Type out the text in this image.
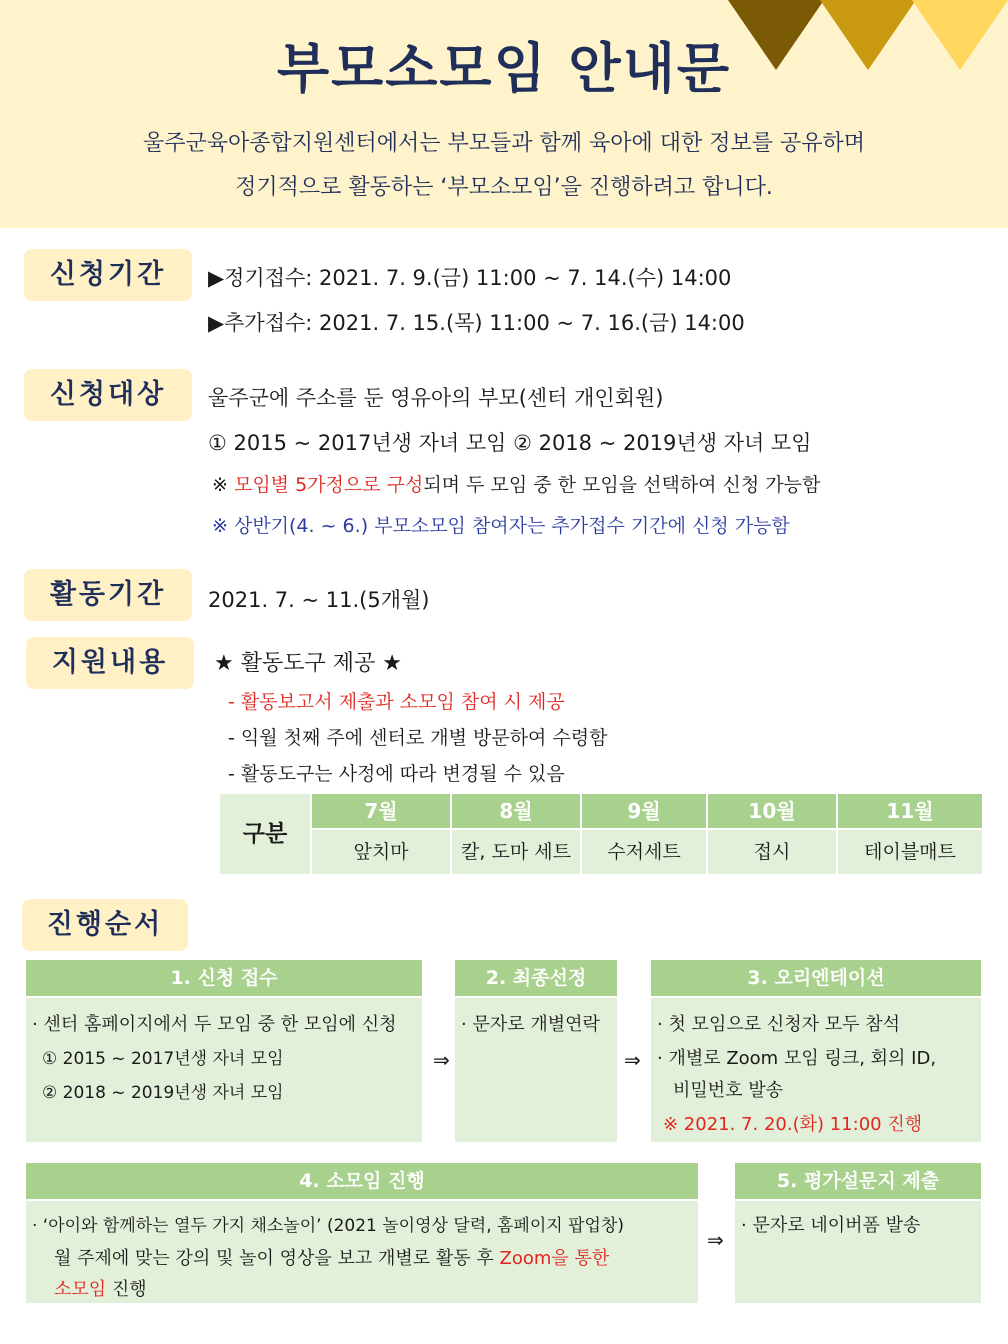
부모소모임 안내문
울주군육아종합지원센터에서는 부모들과 함께 육아에 대한 정보를 공유하며
정기적으로 활동하는 ‘부모소모임’을 진행하려고 합니다.
신청기간	▶정기접수: 2021. 7. 9.(금) 11:00 ~ 7. 14.(수) 14:00
▶추가접수: 2021. 7. 15.(목) 11:00 ~ 7. 16.(금) 14:00
신청대상	울주군에 주소를 둔 영유아의 부모(센터 개인회원)
① 2015 ~ 2017년생 자녀 모임 ② 2018 ~ 2019년생 자녀 모임
※ 모임별 5가정으로 구성되며 두 모임 중 한 모임을 선택하여 신청 가능함
※ 상반기(4. ~ 6.) 부모소모임 참여자는 추가접수 기간에 신청 가능함
활동기간	2021. 7. ~ 11.(5개월)
지원내용	★ 활동도구 제공 ★
- 활동보고서 제출과 소모임 참여 시 제공
- 익월 첫째 주에 센터로 개별 방문하여 수령함
- 활동도구는 사정에 따라 변경될 수 있음
구분
7월	8월	9월	10월	11월
앞치마	칼, 도마 세트	수저세트	접시	테이블매트
진행순서
1. 신청 접수
· 센터 홈페이지에서 두 모임 중 한 모임에 신청
① 2015 ~ 2017년생 자녀 모임
② 2018 ~ 2019년생 자녀 모임
⇒
2. 최종선정
· 문자로 개별연락
⇒
3. 오리엔테이션
· 첫 모임으로 신청자 모두 참석
· 개별로 Zoom 모임 링크, 회의 ID,
비밀번호 발송
※ 2021. 7. 20.(화) 11:00 진행
4. 소모임 진행
· ‘아이와 함께하는 열두 가지 채소놀이’ (2021 놀이영상 달력, 홈페이지 팝업창)
월 주제에 맞는 강의 및 놀이 영상을 보고 개별로 활동 후 Zoom을 통한
소모임 진행
⇒
5. 평가설문지 제출
· 문자로 네이버폼 발송
